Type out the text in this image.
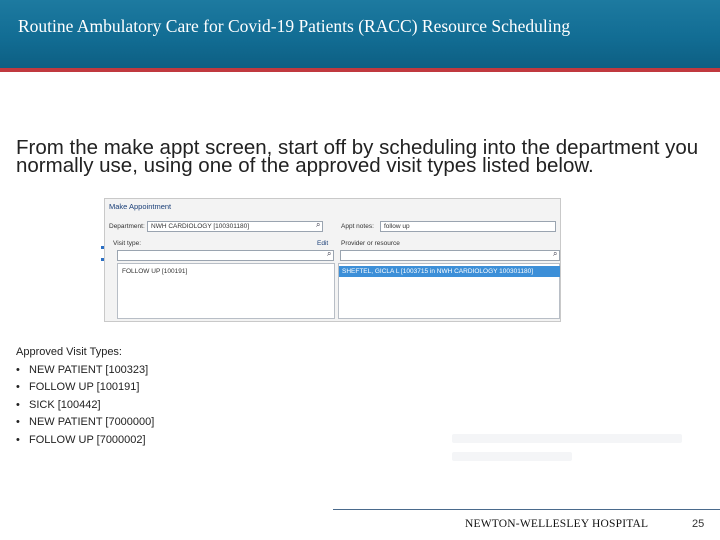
Routine Ambulatory Care for Covid-19 Patients (RACC) Resource Scheduling
From the make appt screen, start off by scheduling into the department you normally use, using one of the approved visit types listed below.
Make Appointment
Department: NWH CARDIOLOGY [100301180]	⌕	Appt notes:	follow up
Visit type:	Edit Provider or resource
⌕	⌕
FOLLOW UP [100191]	SHEFTEL, GICLA L [1003715 in NWH CARDIOLOGY 100301180]
Approved Visit Types:
• NEW PATIENT [100323]
• FOLLOW UP [100191]
• SICK [100442]
• NEW PATIENT [7000000]
• FOLLOW UP [7000002]
NEWTON-WELLESLEY HOSPITAL	25
